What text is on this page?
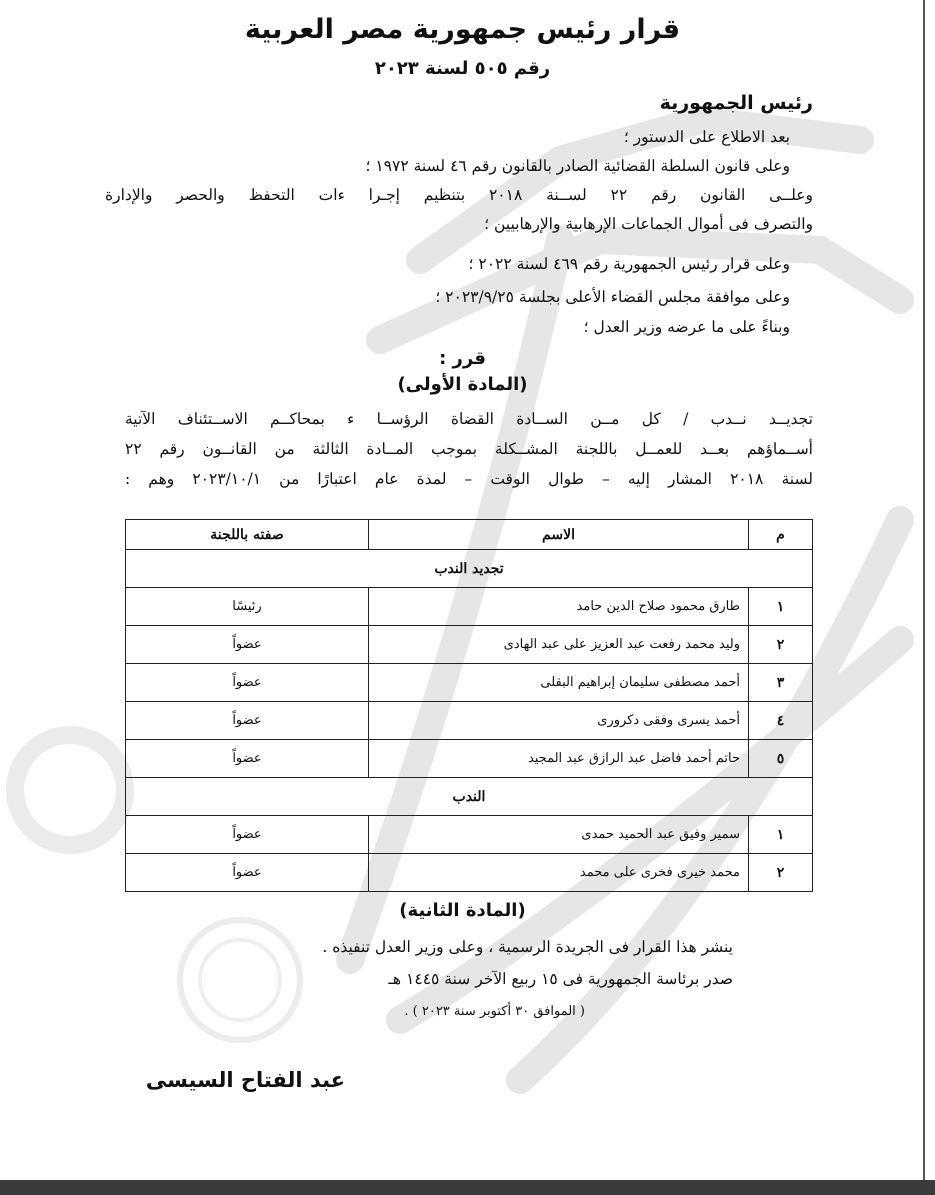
قرار رئيس جمهورية مصر العربية
رقم ٥٠٥ لسنة ٢٠٢٣
رئيس الجمهورية
بعد الاطلاع على الدستور ؛
وعلى قانون السلطة القضائية الصادر بالقانون رقم ٤٦ لسنة ١٩٧٢ ؛
وعلــى القانون رقم ٢٢ لســنة ٢٠١٨ بتنظيم إجـرا ءات التحفظ والحصر والإدارة
والتصرف فى أموال الجماعات الإرهابية والإرهابيين ؛
وعلى قرار رئيس الجمهورية رقم ٤٦٩ لسنة ٢٠٢٢ ؛
وعلى موافقة مجلس القضاء الأعلى بجلسة ٢٠٢٣/٩/٢٥ ؛
وبناءً على ما عرضه وزير العدل ؛
قرر :
(المادة الأولى)
تجديــد نــدب / كل مــن الســادة القضاة الرؤســا ء بمحاكــم الاســتئناف الآتية
أســماؤهم بعــد للعمــل باللجنة المشــكلة بموجب المــادة الثالثة من القانــون رقم ٢٢
لسنة ٢٠١٨ المشار إليه – طوال الوقت – لمدة عام اعتبارًا من ٢٠٢٣/١٠/١ وهم :
م	الاسم	صفته باللجنة
تجديد الندب		
١	طارق محمود صلاح الدين حامد	رئيسًا
٢	وليد محمد رفعت عبد العزيز على عبد الهادى	عضواً
٣	أحمد مصطفى سليمان إبراهيم البقلى	عضواً
٤	أحمد يسرى وفقى دكرورى	عضواً
٥	حاتم أحمد فاضل عبد الرازق عبد المجيد	عضواً
الندب		
١	سمير وفيق عبد الحميد حمدى	عضواً
٢	محمد خيرى فخرى على محمد	عضواً
(المادة الثانية)
ينشر هذا القرار فى الجريدة الرسمية ، وعلى وزير العدل تنفيذه .
صدر برئاسة الجمهورية فى ١٥ ربيع الآخر سنة ١٤٤٥ هـ
( الموافق ٣٠ أكتوبر سنة ٢٠٢٣ ) .
عبد الفتاح السيسى
